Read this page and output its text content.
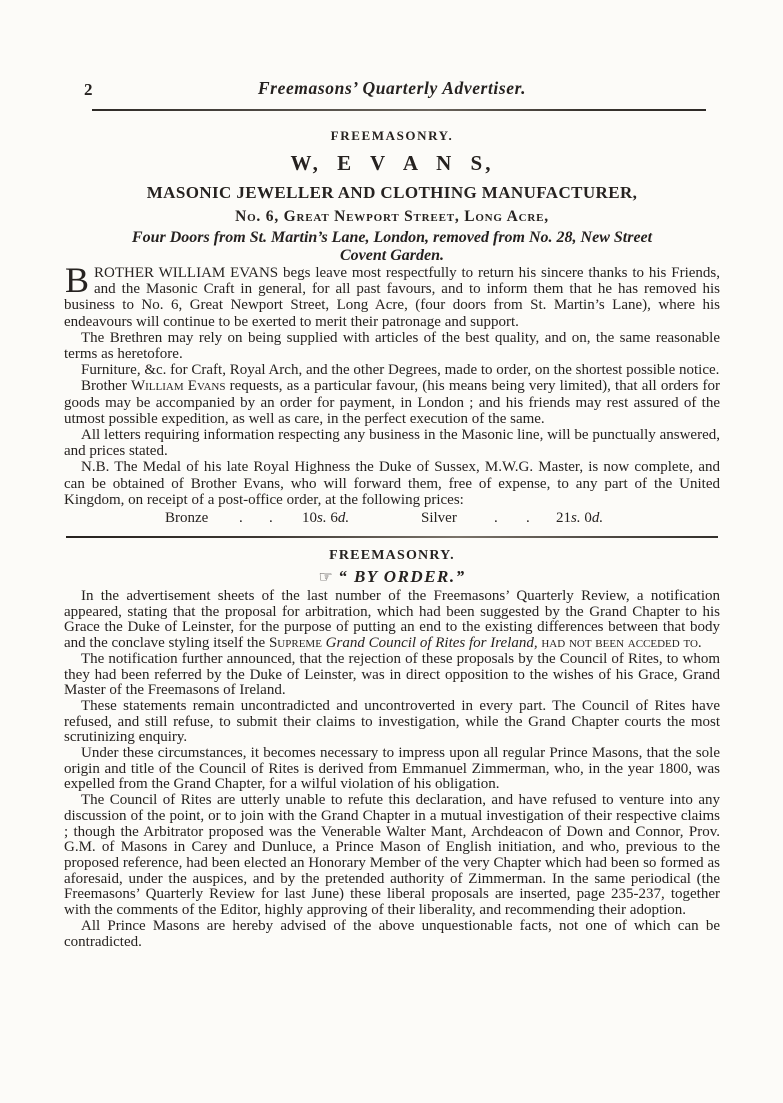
2	Freemasons’ Quarterly Advertiser.
FREEMASONRY.
W, E V A N S,
MASONIC JEWELLER AND CLOTHING MANUFACTURER,
No. 6, Great Newport Street, Long Acre,
Four Doors from St. Martin’s Lane, London, removed from No. 28, New Street
Covent Garden.

BROTHER WILLIAM EVANS begs leave most respectfully to return his sincere thanks to his Friends, and the Masonic Craft in general, for all past favours, and to inform them that he has removed his business to No. 6, Great Newport Street, Long Acre, (four doors from St. Martin’s Lane), where his endeavours will continue to be exerted to merit their patronage and support.

The Brethren may rely on being supplied with articles of the best quality, and on, the same reasonable terms as heretofore.

Furniture, &c. for Craft, Royal Arch, and the other Degrees, made to order, on the shortest possible notice.

Brother William Evans requests, as a particular favour, (his means being very limited), that all orders for goods may be accompanied by an order for payment, in London ; and his friends may rest assured of the utmost possible expedition, as well as care, in the perfect execution of the same.

All letters requiring information respecting any business in the Masonic line, will be punctually answered, and prices stated.

N.B. The Medal of his late Royal Highness the Duke of Sussex, M.W.G. Master, is now complete, and can be obtained of Brother Evans, who will forward them, free of expense, to any part of the United Kingdom, on receipt of a post-office order, at the following prices:

Bronze . . 10s. 6d.	Silver . . 21s. 0d.
FREEMASONRY.
☞ “ BY ORDER.”

In the advertisement sheets of the last number of the Freemasons’ Quarterly Review, a notification appeared, stating that the proposal for arbitration, which had been suggested by the Grand Chapter to his Grace the Duke of Leinster, for the purpose of putting an end to the existing differences between that body and the conclave styling itself the Supreme Grand Council of Rites for Ireland, had not been acceded to.

The notification further announced, that the rejection of these proposals by the Council of Rites, to whom they had been referred by the Duke of Leinster, was in direct opposition to the wishes of his Grace, Grand Master of the Freemasons of Ireland.

These statements remain uncontradicted and uncontroverted in every part. The Council of Rites have refused, and still refuse, to submit their claims to investigation, while the Grand Chapter courts the most scrutinizing enquiry.

Under these circumstances, it becomes necessary to impress upon all regular Prince Masons, that the sole origin and title of the Council of Rites is derived from Emmanuel Zimmerman, who, in the year 1800, was expelled from the Grand Chapter, for a wilful violation of his obligation.

The Council of Rites are utterly unable to refute this declaration, and have refused to venture into any discussion of the point, or to join with the Grand Chapter in a mutual investigation of their respective claims ; though the Arbitrator proposed was the Venerable Walter Mant, Archdeacon of Down and Connor, Prov. G.M. of Masons in Carey and Dunluce, a Prince Mason of English initiation, and who, previous to the proposed reference, had been elected an Honorary Member of the very Chapter which had been so formed as aforesaid, under the auspices, and by the pretended authority of Zimmerman. In the same periodical (the Freemasons’ Quarterly Review for last June) these liberal proposals are inserted, page 235-237, together with the comments of the Editor, highly approving of their liberality, and recommending their adoption.

All Prince Masons are hereby advised of the above unquestionable facts, not one of which can be contradicted.
